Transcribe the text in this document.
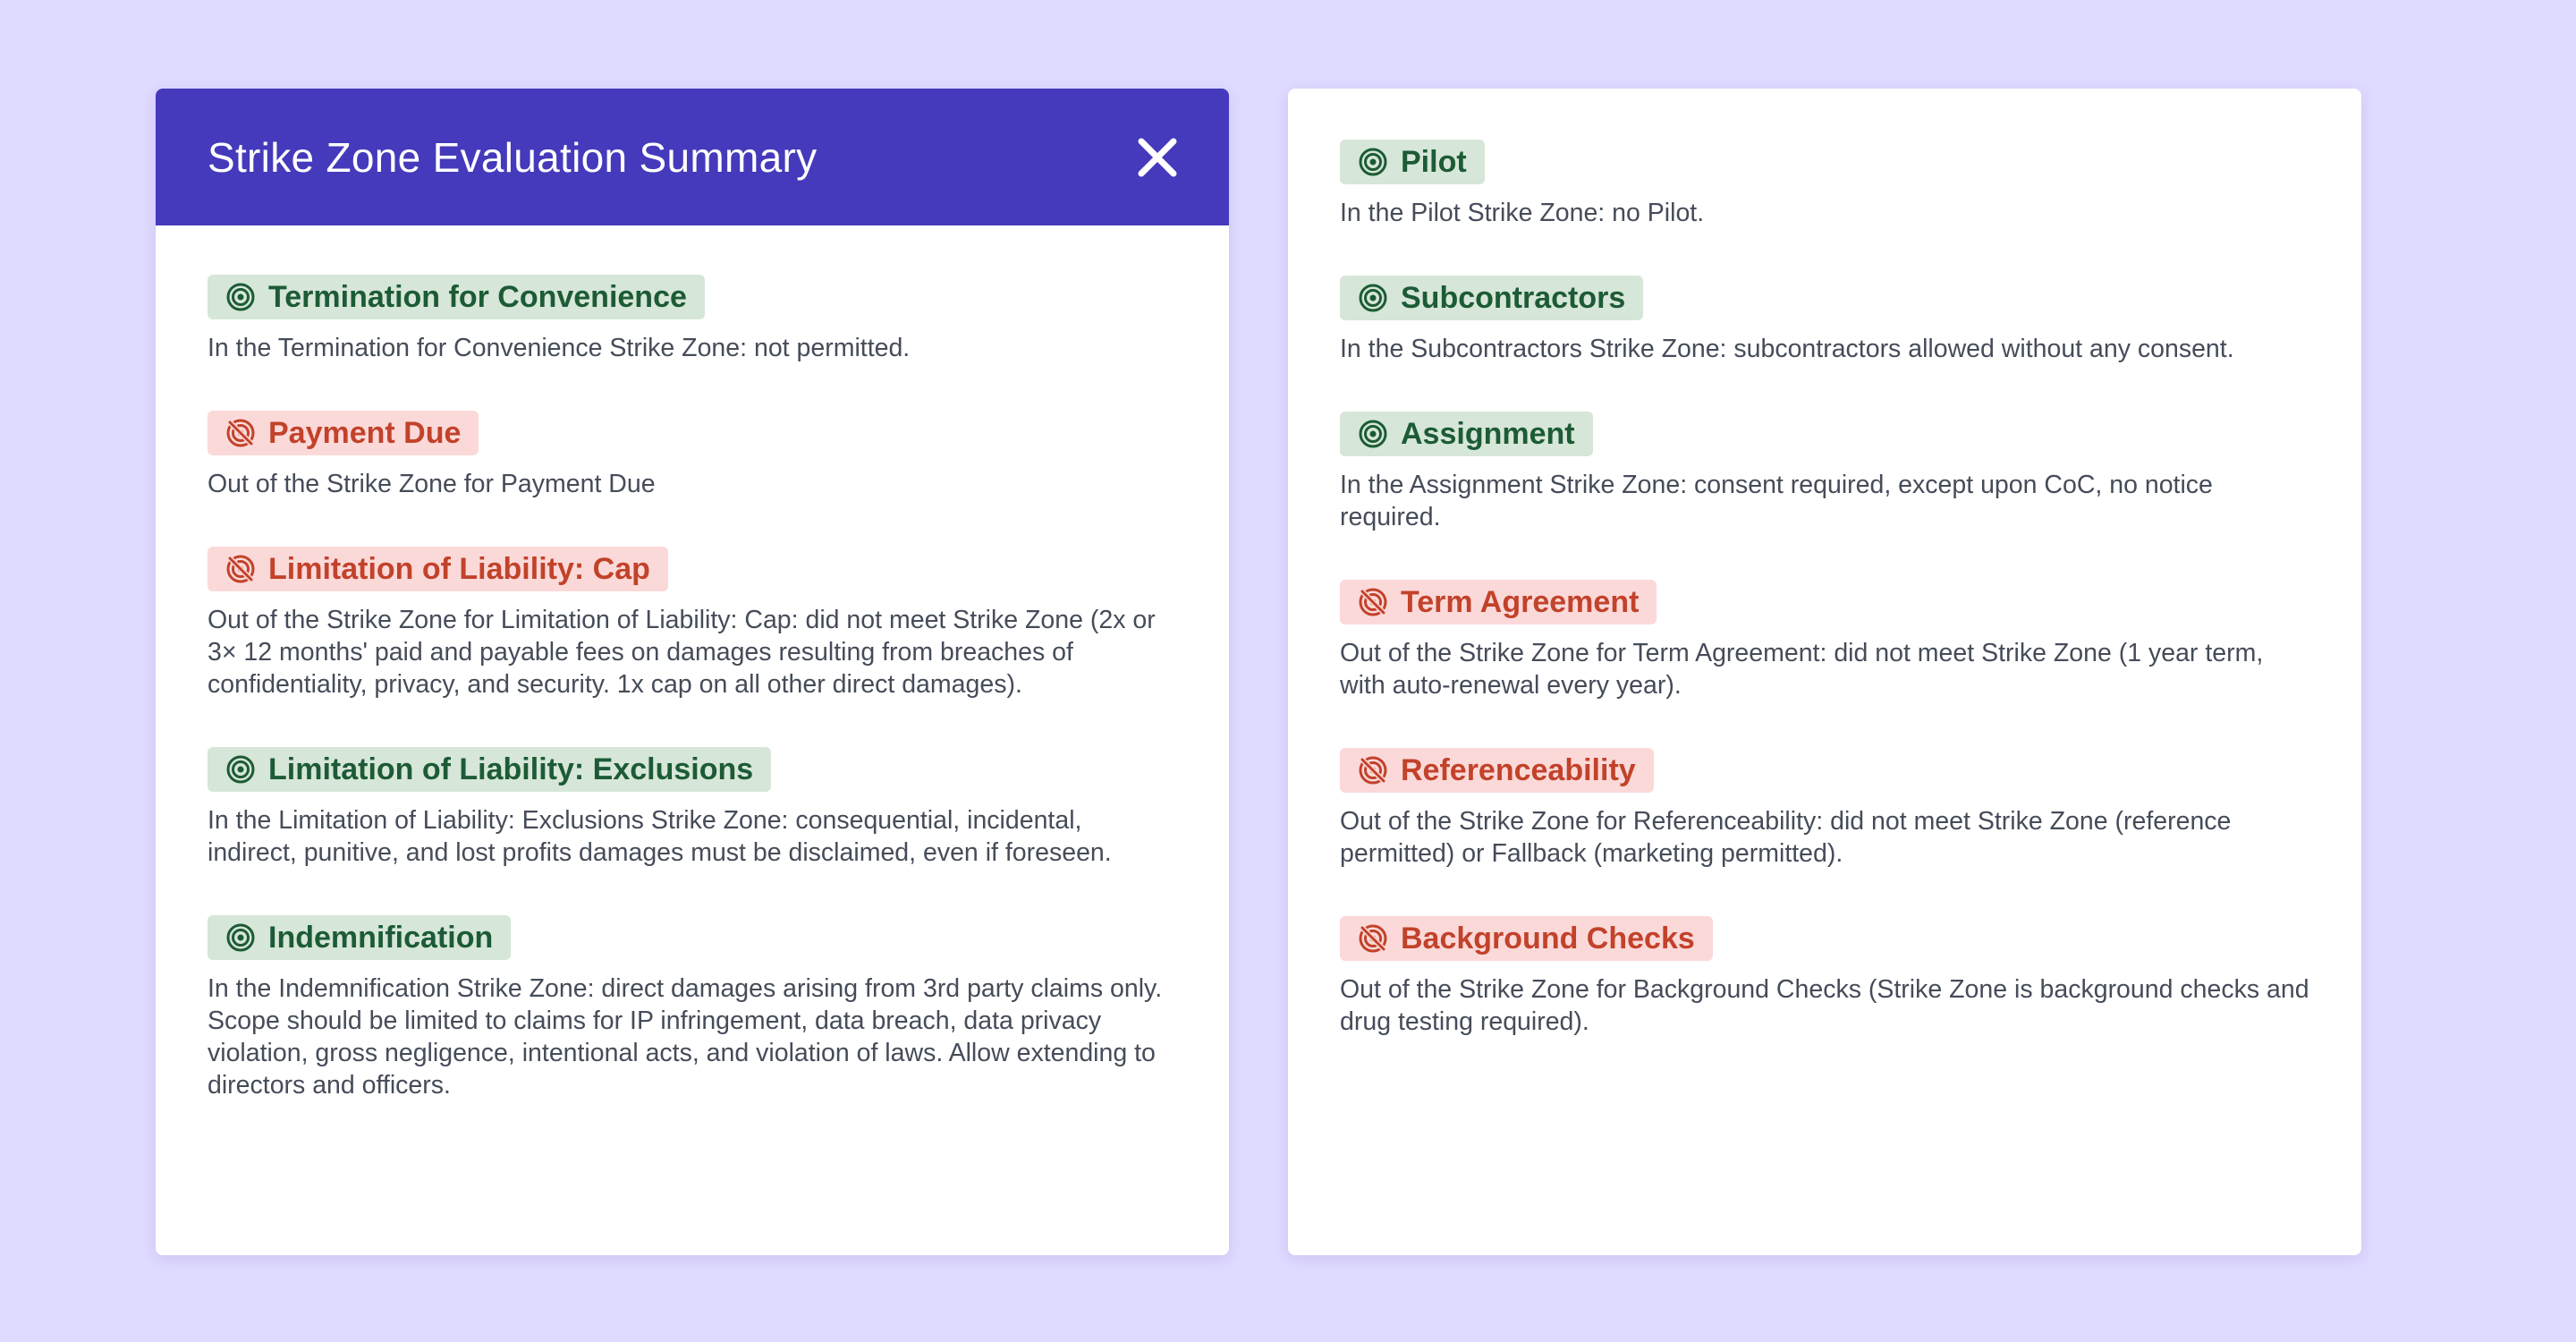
Strike Zone Evaluation Summary
Termination for Convenience
In the Termination for Convenience Strike Zone: not permitted.
Payment Due
Out of the Strike Zone for Payment Due
Limitation of Liability: Cap
Out of the Strike Zone for Limitation of Liability: Cap: did not meet Strike Zone (2x or 3× 12 months' paid and payable fees on damages resulting from breaches of confidentiality, privacy, and security. 1x cap on all other direct damages).
Limitation of Liability: Exclusions
In the Limitation of Liability: Exclusions Strike Zone: consequential, incidental, indirect, punitive, and lost profits damages must be disclaimed, even if foreseen.
Indemnification
In the Indemnification Strike Zone: direct damages arising from 3rd party claims only. Scope should be limited to claims for IP infringement, data breach, data privacy violation, gross negligence, intentional acts, and violation of laws. Allow extending to directors and officers.
Pilot
In the Pilot Strike Zone: no Pilot.
Subcontractors
In the Subcontractors Strike Zone: subcontractors allowed without any consent.
Assignment
In the Assignment Strike Zone: consent required, except upon CoC, no notice required.
Term Agreement
Out of the Strike Zone for Term Agreement: did not meet Strike Zone (1 year term, with auto-renewal every year).
Referenceability
Out of the Strike Zone for Referenceability: did not meet Strike Zone (reference permitted) or Fallback (marketing permitted).
Background Checks
Out of the Strike Zone for Background Checks (Strike Zone is background checks and drug testing required).
